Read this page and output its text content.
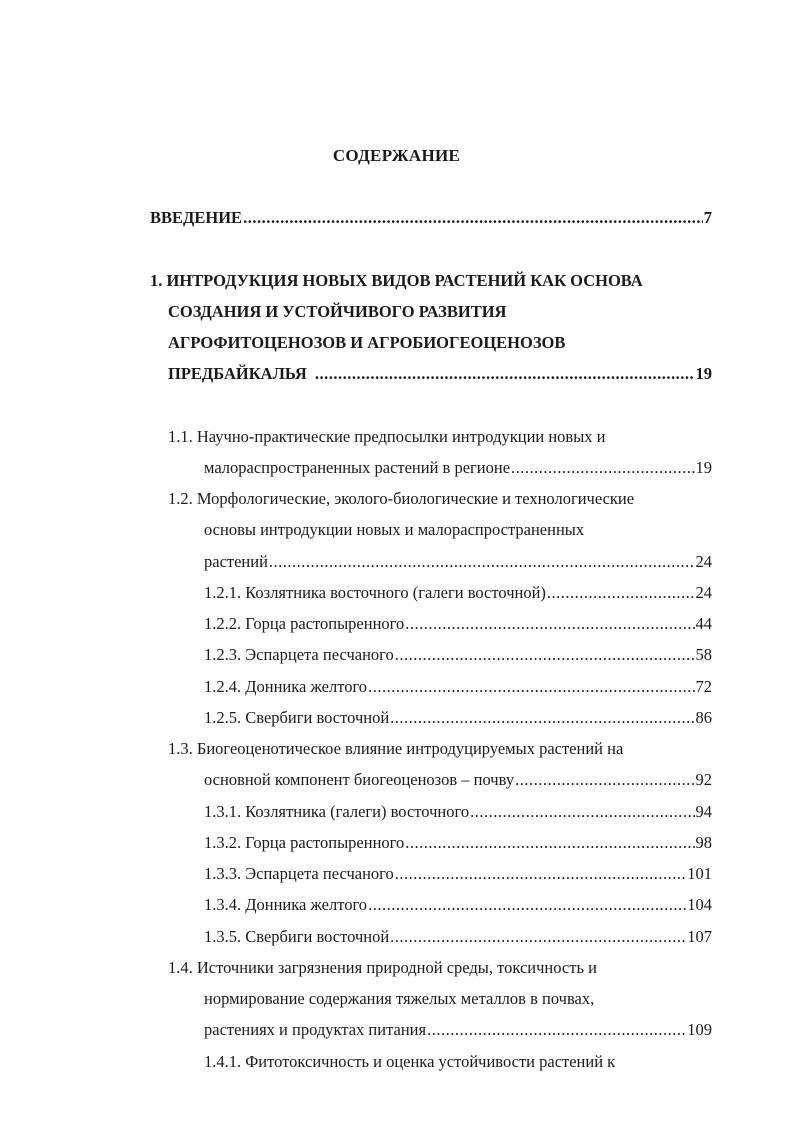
СОДЕРЖАНИЕ
ВВЕДЕНИЕ .....	7
1. ИНТРОДУКЦИЯ НОВЫХ ВИДОВ РАСТЕНИЙ КАК ОСНОВА
СОЗДАНИЯ И УСТОЙЧИВОГО РАЗВИТИЯ
АГРОФИТОЦЕНОЗОВ И АГРОБИОГЕОЦЕНОЗОВ
ПРЕДБАЙКАЛЬЯ .....	19
1.1. Научно-практические предпосылки интродукции новых и
малораспространенных растений в регионе .....	19
1.2. Морфологические, эколого-биологические и технологические
основы интродукции новых и малораспространенных
растений .....	24
1.2.1. Козлятника восточного (галеги восточной) .....	24
1.2.2. Горца растопыренного .....	44
1.2.3. Эспарцета песчаного .....	58
1.2.4. Донника желтого .....	72
1.2.5. Свербиги восточной .....	86
1.3. Биогеоценотическое влияние интродуцируемых растений на
основной компонент биогеоценозов – почву .....	92
1.3.1. Козлятника (галеги) восточного .....	94
1.3.2. Горца растопыренного .....	98
1.3.3. Эспарцета песчаного .....	101
1.3.4. Донника желтого .....	104
1.3.5. Свербиги восточной .....	107
1.4. Источники загрязнения природной среды, токсичность и
нормирование содержания тяжелых металлов в почвах,
растениях и продуктах питания .....	109
1.4.1. Фитотоксичность и оценка устойчивости растений к
